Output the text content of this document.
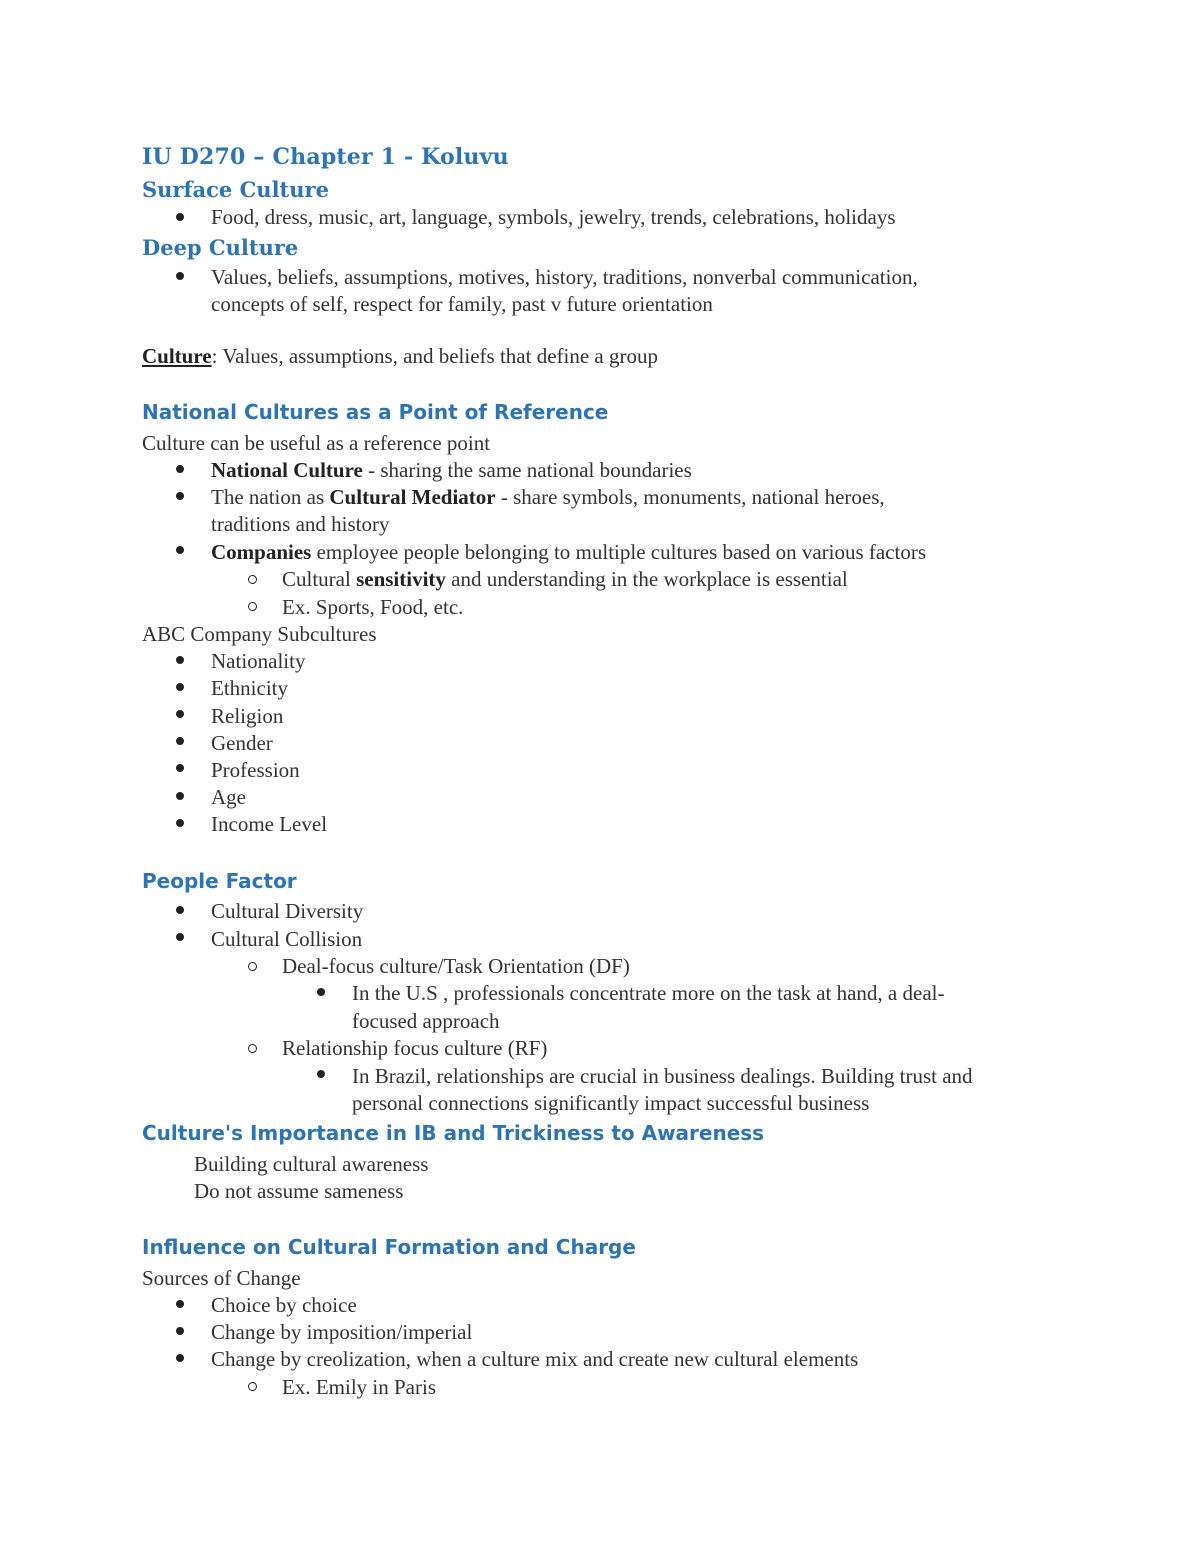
IU D270 – Chapter 1 - Koluvu
Surface Culture
Food, dress, music, art, language, symbols, jewelry, trends, celebrations, holidays
Deep Culture
Values, beliefs, assumptions, motives, history, traditions, nonverbal communication,
concepts of self, respect for family, past v future orientation
Culture: Values, assumptions, and beliefs that define a group
National Cultures as a Point of Reference
Culture can be useful as a reference point
National Culture - sharing the same national boundaries
The nation as Cultural Mediator - share symbols, monuments, national heroes,
traditions and history
Companies employee people belonging to multiple cultures based on various factors
Cultural sensitivity and understanding in the workplace is essential
Ex. Sports, Food, etc.
ABC Company Subcultures
Nationality
Ethnicity
Religion
Gender
Profession
Age
Income Level
People Factor
Cultural Diversity
Cultural Collision
Deal-focus culture/Task Orientation (DF)
In the U.S , professionals concentrate more on the task at hand, a deal-
focused approach
Relationship focus culture (RF)
In Brazil, relationships are crucial in business dealings. Building trust and
personal connections significantly impact successful business
Culture's Importance in IB and Trickiness to Awareness
Building cultural awareness
Do not assume sameness
Influence on Cultural Formation and Charge
Sources of Change
Choice by choice
Change by imposition/imperial
Change by creolization, when a culture mix and create new cultural elements
Ex. Emily in Paris
